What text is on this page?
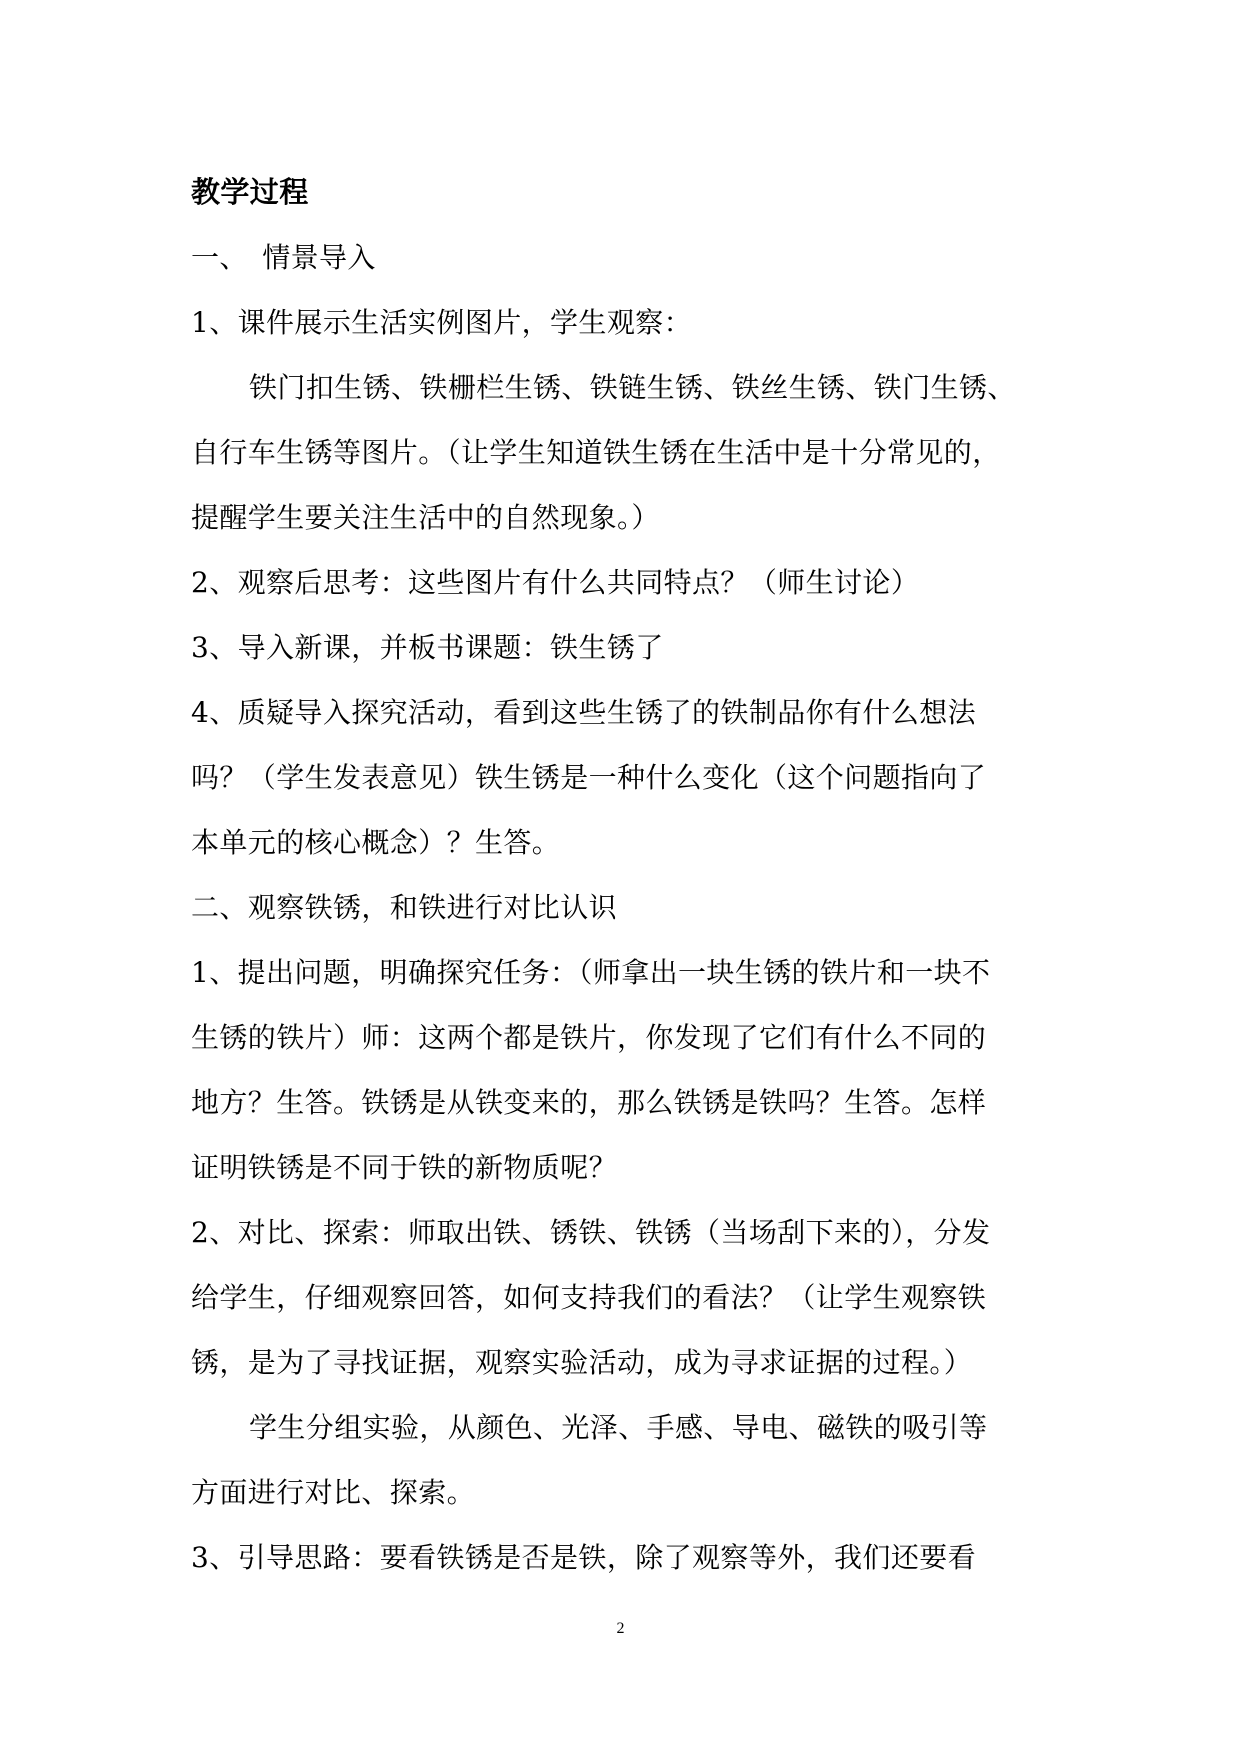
教学过程
一、　情景导入
1、课件展示生活实例图片，学生观察：
铁门扣生锈、铁栅栏生锈、铁链生锈、铁丝生锈、铁门生锈、
自行车生锈等图片。（让学生知道铁生锈在生活中是十分常见的，
提醒学生要关注生活中的自然现象。）
2、观察后思考：这些图片有什么共同特点？（师生讨论）
3、导入新课，并板书课题：铁生锈了
4、质疑导入探究活动，看到这些生锈了的铁制品你有什么想法
吗？（学生发表意见）铁生锈是一种什么变化（这个问题指向了
本单元的核心概念）？生答。
二、观察铁锈，和铁进行对比认识
1、提出问题，明确探究任务：（师拿出一块生锈的铁片和一块不
生锈的铁片）师：这两个都是铁片，你发现了它们有什么不同的
地方？生答。铁锈是从铁变来的，那么铁锈是铁吗？生答。怎样
证明铁锈是不同于铁的新物质呢？
2、对比、探索：师取出铁、锈铁、铁锈（当场刮下来的），分发
给学生，仔细观察回答，如何支持我们的看法？（让学生观察铁
锈，是为了寻找证据，观察实验活动，成为寻求证据的过程。）
学生分组实验，从颜色、光泽、手感、导电、磁铁的吸引等
方面进行对比、探索。
3、引导思路：要看铁锈是否是铁，除了观察等外，我们还要看
2
